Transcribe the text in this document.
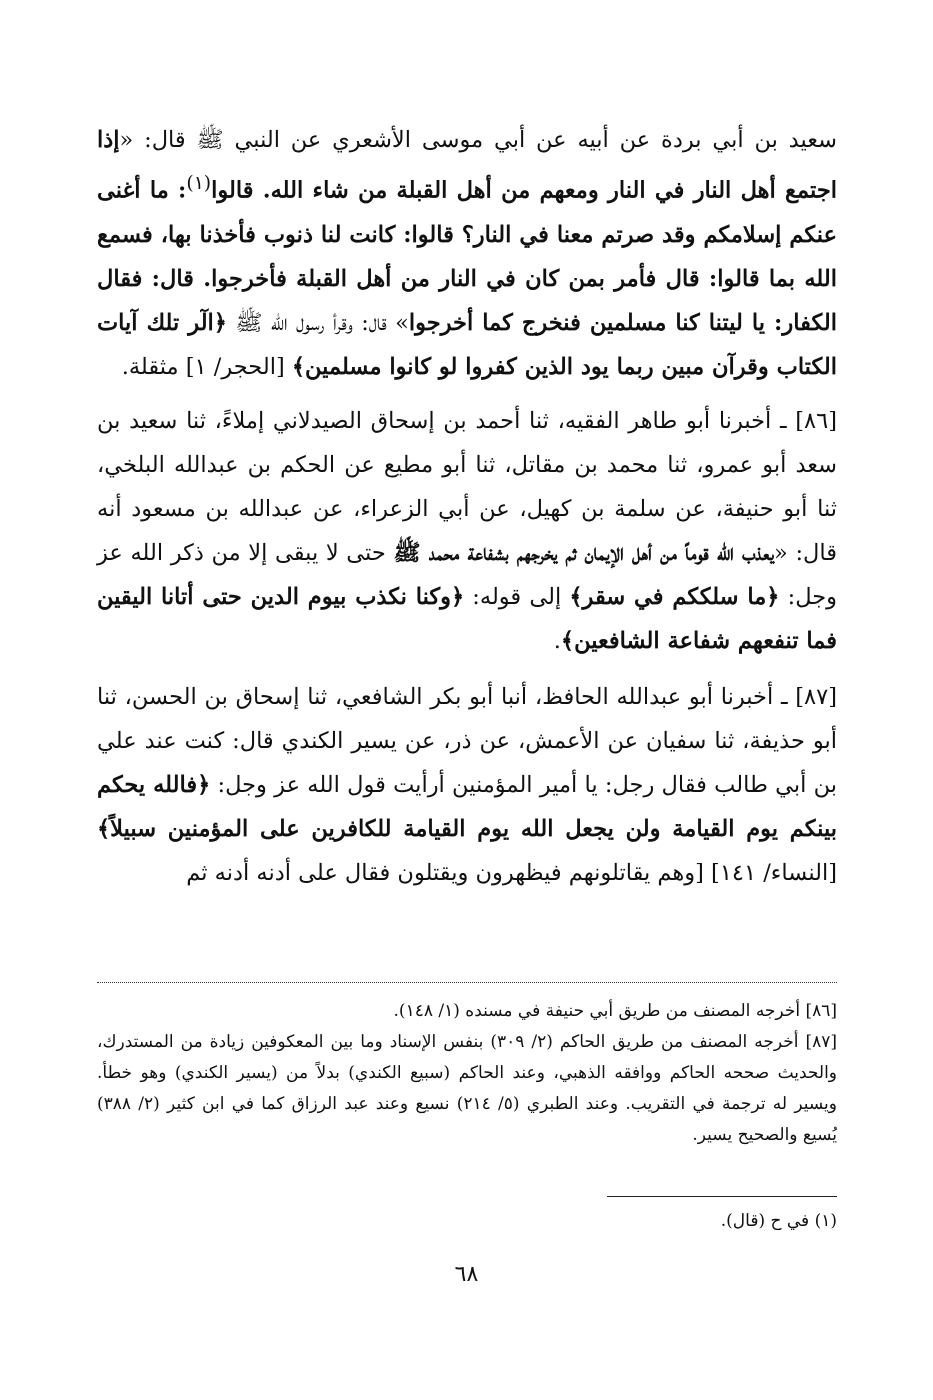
سعيد بن أبي بردة عن أبيه عن أبي موسى الأشعري عن النبي ﷺ قال: «إذا اجتمع أهل النار في النار ومعهم من أهل القبلة من شاء الله. قالوا$^{(١)}$: ما أغنى عنكم إسلامكم وقد صرتم معنا في النار؟ قالوا: كانت لنا ذنوب فأخذنا بها، فسمع الله بما قالوا: قال فأمر بمن كان في النار من أهل القبلة فأخرجوا. قال: فقال الكفار: يا ليتنا كنا مسلمين فنخرج كما أخرجوا» قال: وقرأ رسول الله ﷺ ﴿الٓر تلك آيات الكتاب وقرآن مبين ربما يود الذين كفروا لو كانوا مسلمين﴾ [الحجر/ ١] مثقلة.

[٨٦] ـ أخبرنا أبو طاهر الفقيه، ثنا أحمد بن إسحاق الصيدلاني إملاءً، ثنا سعيد بن سعد أبو عمرو، ثنا محمد بن مقاتل، ثنا أبو مطيع عن الحكم بن عبدالله البلخي، ثنا أبو حنيفة، عن سلمة بن كهيل، عن أبي الزعراء، عن عبدالله بن مسعود أنه قال: «يعذب الله قوماً من أهل الإيمان ثم يخرجهم بشفاعة محمد ﷺ حتى لا يبقى إلا من ذكر الله عز وجل: ﴿ما سلككم في سقر﴾ إلى قوله: ﴿وكنا نكذب بيوم الدين حتى أتانا اليقين فما تنفعهم شفاعة الشافعين﴾.

[٨٧] ـ أخبرنا أبو عبدالله الحافظ، أنبا أبو بكر الشافعي، ثنا إسحاق بن الحسن، ثنا أبو حذيفة، ثنا سفيان عن الأعمش، عن ذر، عن يسير الكندي قال: كنت عند علي بن أبي طالب فقال رجل: يا أمير المؤمنين أرأيت قول الله عز وجل: ﴿فالله يحكم بينكم يوم القيامة ولن يجعل الله يوم القيامة للكافرين على المؤمنين سبيلاً﴾ [النساء/ ١٤١] [وهم يقاتلونهم فيظهرون ويقتلون فقال على أدنه أدنه ثم

[٨٦] أخرجه المصنف من طريق أبي حنيفة في مسنده (١/ ١٤٨).

[٨٧] أخرجه المصنف من طريق الحاكم (٢/ ٣٠٩) بنفس الإسناد وما بين المعكوفين زيادة من المستدرك، والحديث صححه الحاكم ووافقه الذهبي، وعند الحاكم (سبيع الكندي) بدلاً من (يسير الكندي) وهو خطأ. ويسير له ترجمة في التقريب. وعند الطبري (٥/ ٢١٤) نسيع وعند عبد الرزاق كما في ابن كثير (٢/ ٣٨٨) يُسيع والصحيح يسير.

(١) في ح (قال).
٦٨
